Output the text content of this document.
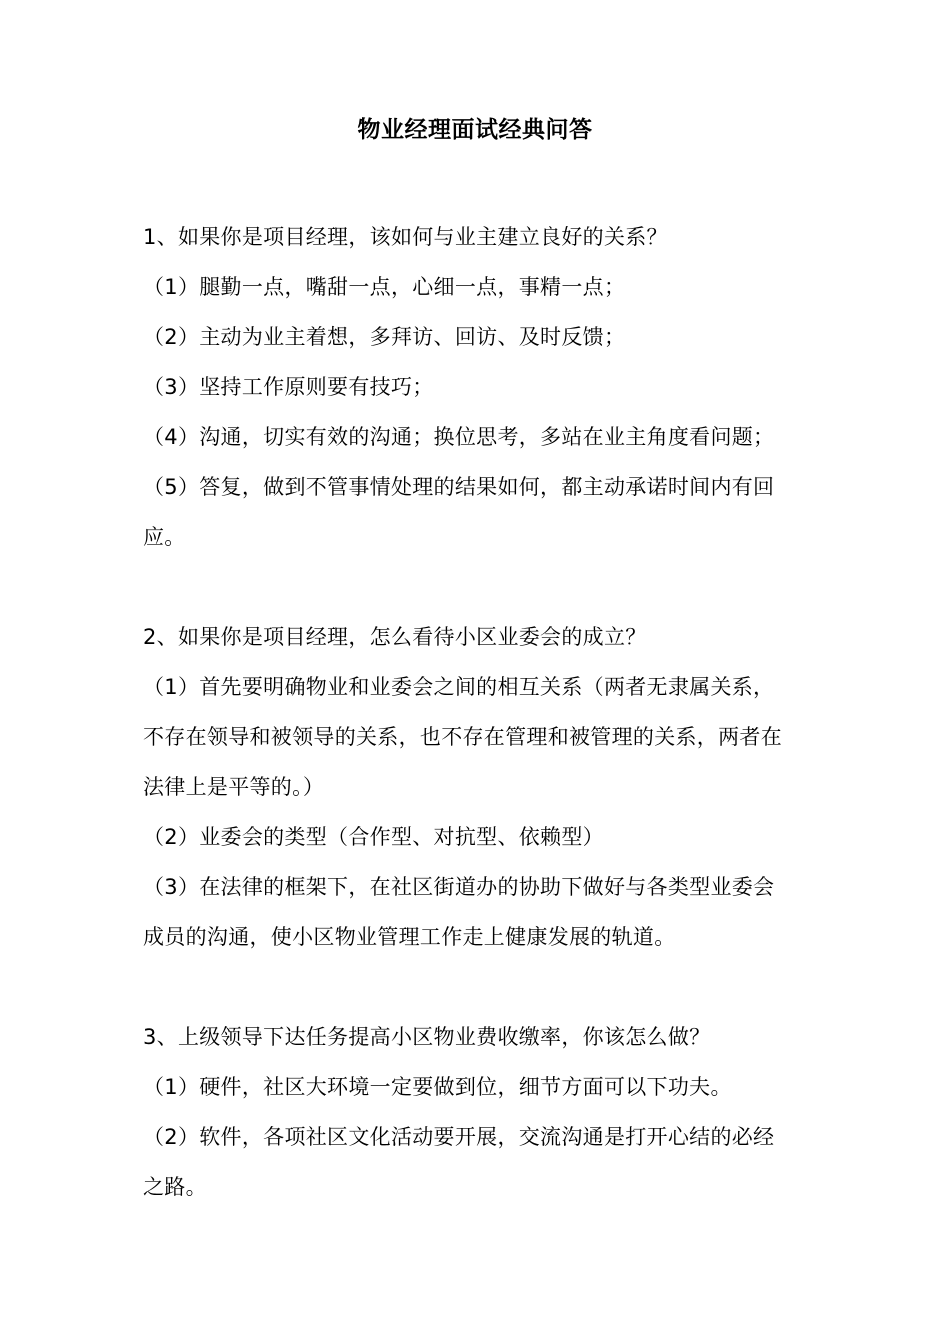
物业经理面试经典问答
1、如果你是项目经理，该如何与业主建立良好的关系？
（1）腿勤一点，嘴甜一点，心细一点，事精一点；
（2）主动为业主着想，多拜访、回访、及时反馈；
（3）坚持工作原则要有技巧；
（4）沟通，切实有效的沟通；换位思考，多站在业主角度看问题；
（5）答复，做到不管事情处理的结果如何，都主动承诺时间内有回
应。
2、如果你是项目经理，怎么看待小区业委会的成立？
（1）首先要明确物业和业委会之间的相互关系（两者无隶属关系，
不存在领导和被领导的关系，也不存在管理和被管理的关系，两者在
法律上是平等的。）
（2）业委会的类型（合作型、对抗型、依赖型）
（3）在法律的框架下，在社区街道办的协助下做好与各类型业委会
成员的沟通，使小区物业管理工作走上健康发展的轨道。
3、上级领导下达任务提高小区物业费收缴率，你该怎么做？
（1）硬件，社区大环境一定要做到位，细节方面可以下功夫。
（2）软件，各项社区文化活动要开展，交流沟通是打开心结的必经
之路。
